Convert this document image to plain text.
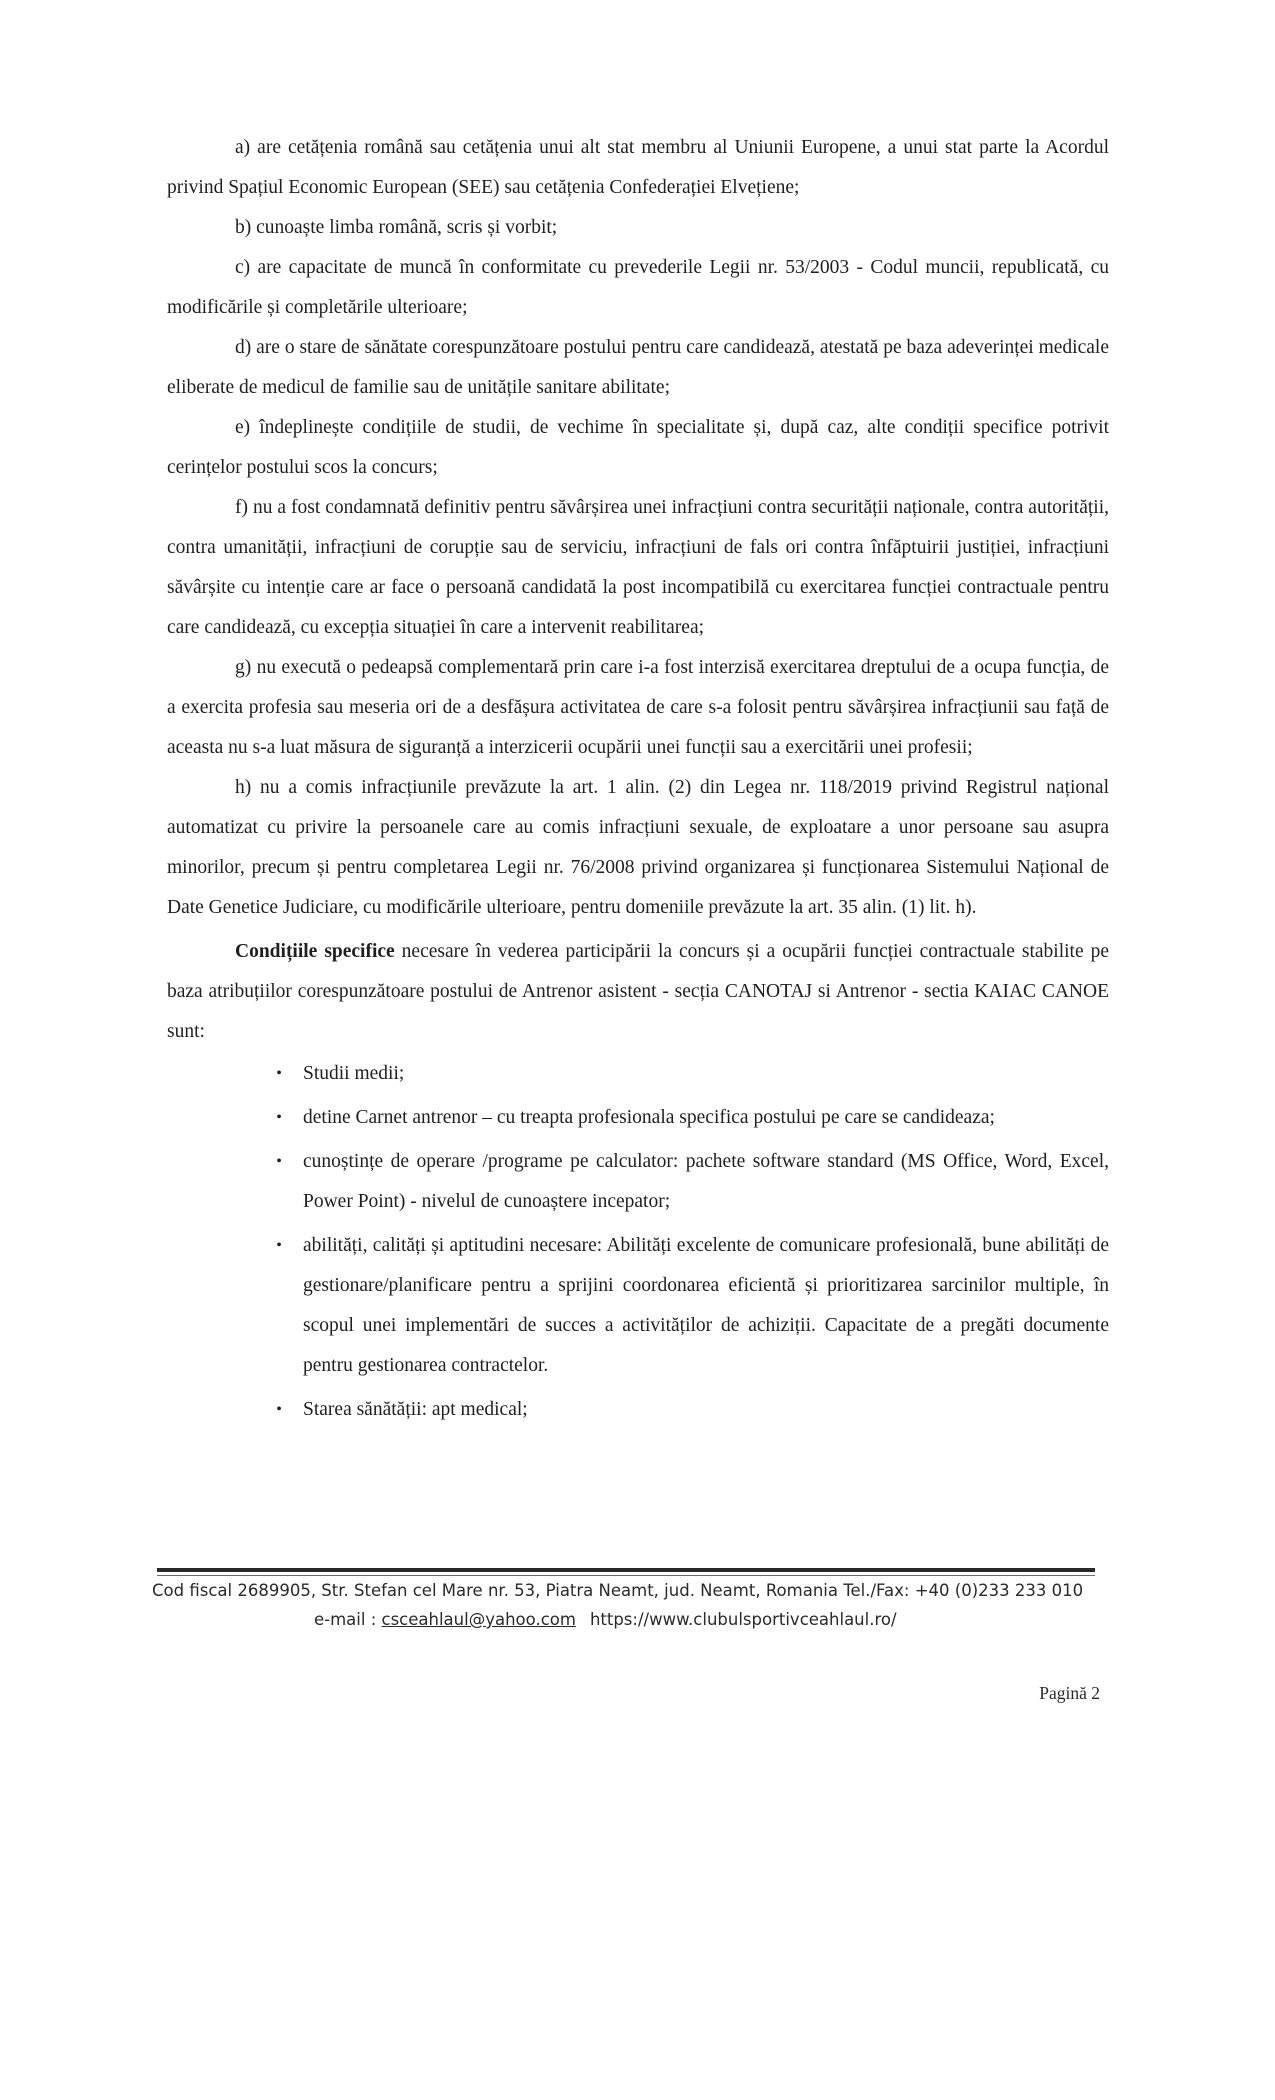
a) are cetățenia română sau cetățenia unui alt stat membru al Uniunii Europene, a unui stat parte la Acordul privind Spațiul Economic European (SEE) sau cetățenia Confederației Elvețiene;

b) cunoaște limba română, scris și vorbit;

c) are capacitate de muncă în conformitate cu prevederile Legii nr. 53/2003 - Codul muncii, republicată, cu modificările și completările ulterioare;

d) are o stare de sănătate corespunzătoare postului pentru care candidează, atestată pe baza adeverinței medicale eliberate de medicul de familie sau de unitățile sanitare abilitate;

e) îndeplinește condițiile de studii, de vechime în specialitate și, după caz, alte condiții specifice potrivit cerințelor postului scos la concurs;

f) nu a fost condamnată definitiv pentru săvârșirea unei infracțiuni contra securității naționale, contra autorității, contra umanității, infracțiuni de corupție sau de serviciu, infracțiuni de fals ori contra înfăptuirii justiției, infracțiuni săvârșite cu intenție care ar face o persoană candidată la post incompatibilă cu exercitarea funcției contractuale pentru care candidează, cu excepția situației în care a intervenit reabilitarea;

g) nu execută o pedeapsă complementară prin care i-a fost interzisă exercitarea dreptului de a ocupa funcția, de a exercita profesia sau meseria ori de a desfășura activitatea de care s-a folosit pentru săvârșirea infracțiunii sau față de aceasta nu s-a luat măsura de siguranță a interzicerii ocupării unei funcții sau a exercitării unei profesii;

h) nu a comis infracțiunile prevăzute la art. 1 alin. (2) din Legea nr. 118/2019 privind Registrul național automatizat cu privire la persoanele care au comis infracțiuni sexuale, de exploatare a unor persoane sau asupra minorilor, precum și pentru completarea Legii nr. 76/2008 privind organizarea și funcționarea Sistemului Național de Date Genetice Judiciare, cu modificările ulterioare, pentru domeniile prevăzute la art. 35 alin. (1) lit. h).

Condițiile specifice necesare în vederea participării la concurs și a ocupării funcției contractuale stabilite pe baza atribuțiilor corespunzătoare postului de Antrenor asistent - secția CANOTAJ si Antrenor - sectia KAIAC CANOE sunt:

•	Studii medii;
•	detine Carnet antrenor – cu treapta profesionala specifica postului pe care se candideaza;
•	cunoștințe de operare /programe pe calculator: pachete software standard (MS Office, Word, Excel, Power Point) - nivelul de cunoaștere incepator;
•	abilități, calități și aptitudini necesare: Abilități excelente de comunicare profesională, bune abilități de gestionare/planificare pentru a sprijini coordonarea eficientă și prioritizarea sarcinilor multiple, în scopul unei implementări de succes a activităților de achiziții. Capacitate de a pregăti documente pentru gestionarea contractelor.
•	Starea sănătății: apt medical;
Cod fiscal 2689905, Str. Stefan cel Mare nr. 53, Piatra Neamt, jud. Neamt, Romania Tel./Fax: +40 (0)233 233 010
e-mail : csceahlaul@yahoo.com https://www.clubulsportivceahlaul.ro/
Pagină 2
